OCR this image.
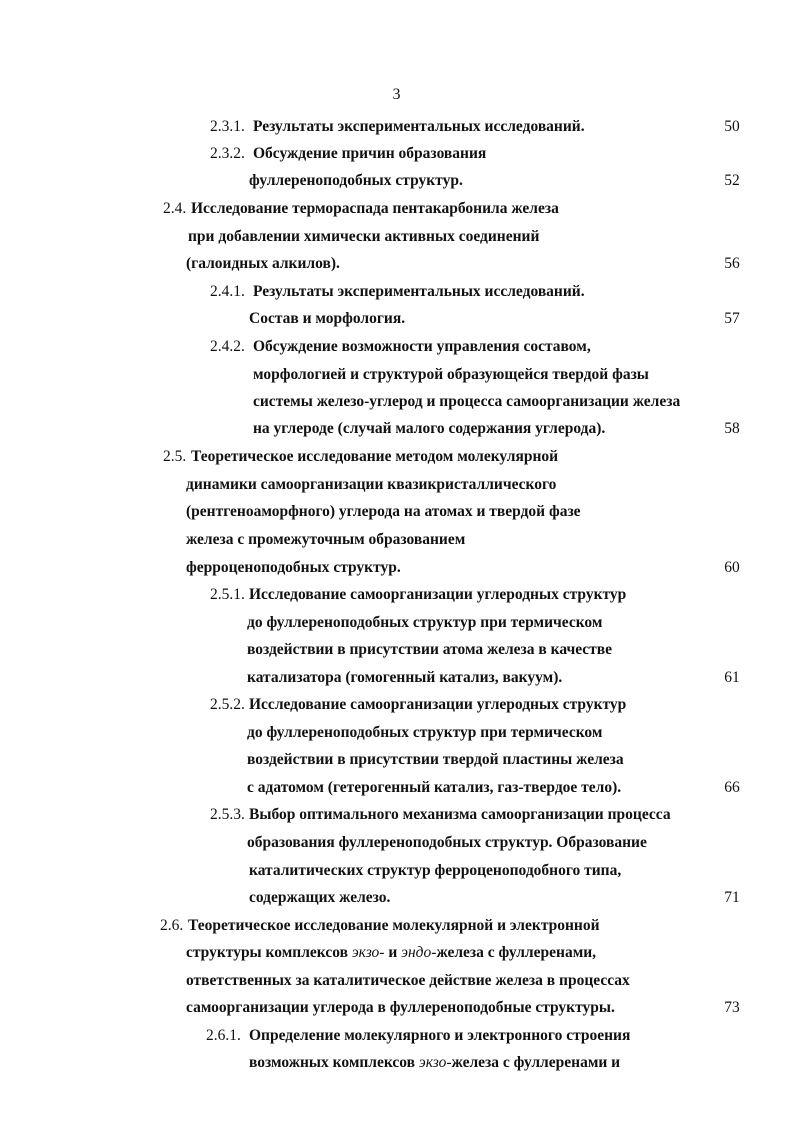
3
2.3.1. Результаты экспериментальных исследований.	50
2.3.2. Обсуждение причин образования
фуллереноподобных структур.	52
2.4. Исследование терморaспада пентакарбонила железа
при добавлении химически активных соединений
(галоидных алкилов).	56
2.4.1. Результаты экспериментальных исследований.
Состав и морфология.	57
2.4.2. Обсуждение возможности управления составом,
морфологией и структурой образующейся твердой фазы
системы железо-углерод и процесса самоорганизации железа
на углероде (случай малого содержания углерода).	58
2.5. Теоретическое исследование методом молекулярной
динамики самоорганизации квазикристаллического
(рентгеноаморфного) углерода на атомах и твердой фазе
железа с промежуточным образованием
ферроценоподобных структур.	60
2.5.1. Исследование самоорганизации углеродных структур
до фуллереноподобных структур при термическом
воздействии в присутствии атома железа в качестве
катализатора (гомогенный катализ, вакуум).	61
2.5.2. Исследование самоорганизации углеродных структур
до фуллереноподобных структур при термическом
воздействии в присутствии твердой пластины железа
с адатомом (гетерогенный катализ, газ-твердое тело).	66
2.5.3. Выбор оптимального механизма самоорганизации процесса
образования фуллереноподобных структур. Образование
каталитических структур ферроценоподобного типа,
содержащих железо.	71
2.6. Теоретическое исследование молекулярной и электронной
структуры комплексов экзо- и эндо-железа с фуллеренами,
ответственных за каталитическое действие железа в процессах
самоорганизации углерода в фуллереноподобные структуры.	73
2.6.1. Определение молекулярного и электронного строения
возможных комплексов экзо-железа с фуллеренами и
